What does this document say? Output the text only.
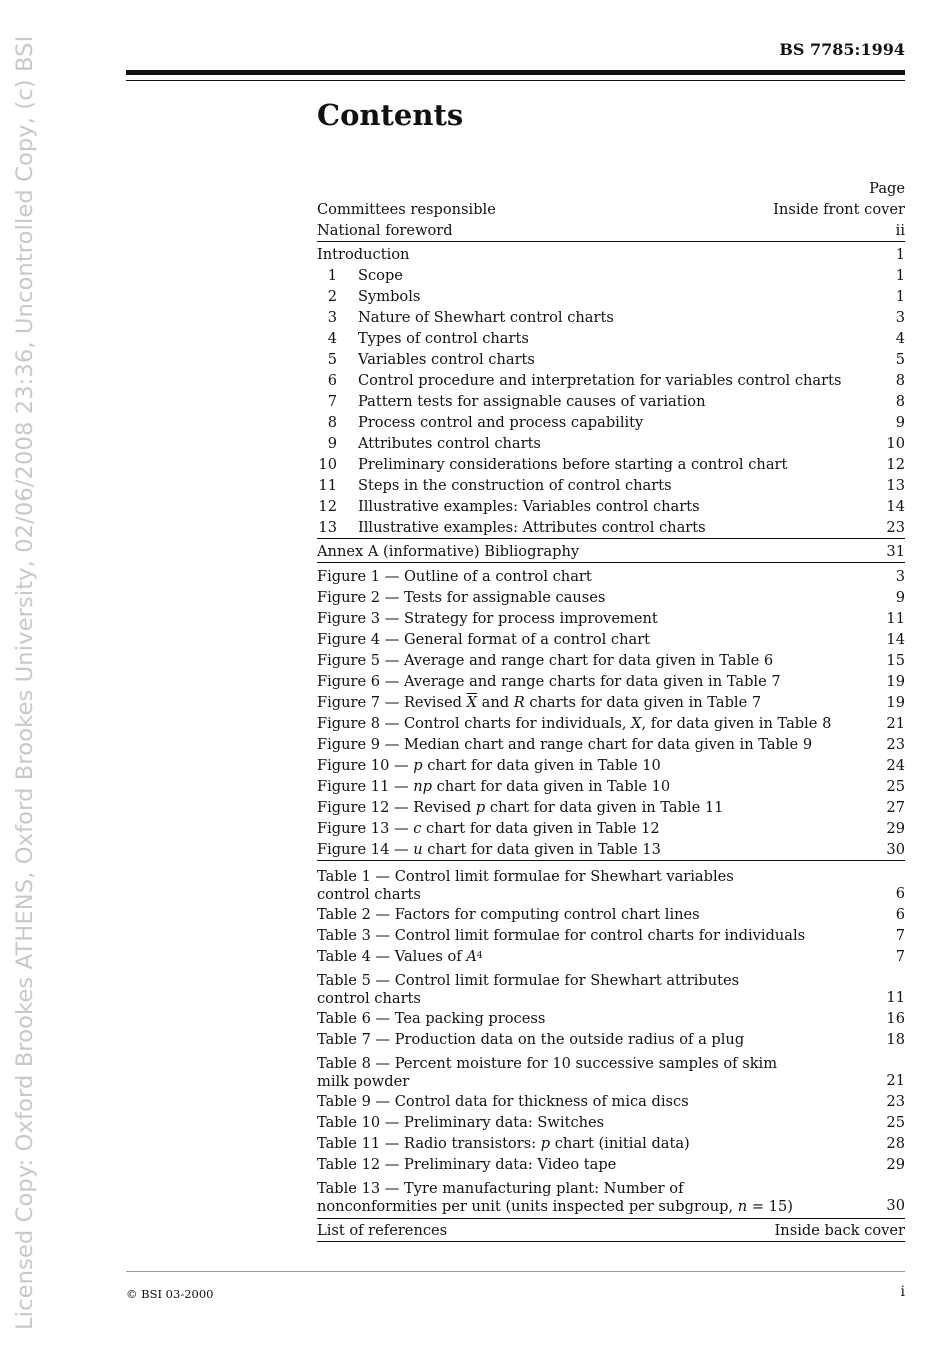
Licensed Copy: Oxford Brookes ATHENS, Oxford Brookes University, 02/06/2008 23:36, Uncontrolled Copy, (c) BSI	BS 7785:1994
Contents
Page
Committees responsible	Inside front cover
National foreword	ii
Introduction	1
1 Scope	1
2 Symbols	1
3 Nature of Shewhart control charts	3
4 Types of control charts	4
5 Variables control charts	5
6 Control procedure and interpretation for variables control charts	8
7 Pattern tests for assignable causes of variation	8
8 Process control and process capability	9
9 Attributes control charts	10
10 Preliminary considerations before starting a control chart	12
11 Steps in the construction of control charts	13
12 Illustrative examples: Variables control charts	14
13 Illustrative examples: Attributes control charts	23
Annex A (informative) Bibliography	31
Figure 1 — Outline of a control chart	3
Figure 2 — Tests for assignable causes	9
Figure 3 — Strategy for process improvement	11
Figure 4 — General format of a control chart	14
Figure 5 — Average and range chart for data given in Table 6	15
Figure 6 — Average and range charts for data given in Table 7	19
Figure 7 — Revised $\overline{X}$ and R charts for data given in Table 7	19
Figure 8 — Control charts for individuals, X , for data given in Table 8	21
Figure 9 — Median chart and range chart for data given in Table 9	23
Figure 10 — p chart for data given in Table 10	24
Figure 11 — np chart for data given in Table 10	25
Figure 12 — Revised p chart for data given in Table 11	27
Figure 13 — c chart for data given in Table 12	29
Figure 14 — u chart for data given in Table 13	30
Table 1 — Control limit formulae for Shewhart variables
control charts	6
Table 2 — Factors for computing control chart lines	6
Table 3 — Control limit formulae for control charts for individuals	7
Table 4 — Values of A 4	7
Table 5 — Control limit formulae for Shewhart attributes
control charts	11
Table 6 — Tea packing process	16
Table 7 — Production data on the outside radius of a plug	18
Table 8 — Percent moisture for 10 successive samples of skim
milk powder	21
Table 9 — Control data for thickness of mica discs	23
Table 10 — Preliminary data: Switches	25
Table 11 — Radio transistors: p chart (initial data)	28
Table 12 — Preliminary data: Video tape	29
Table 13 — Tyre manufacturing plant: Number of
nonconformities per unit (units inspected per subgroup, n = 15)	30
List of references	Inside back cover
© BSI 03-2000	i
